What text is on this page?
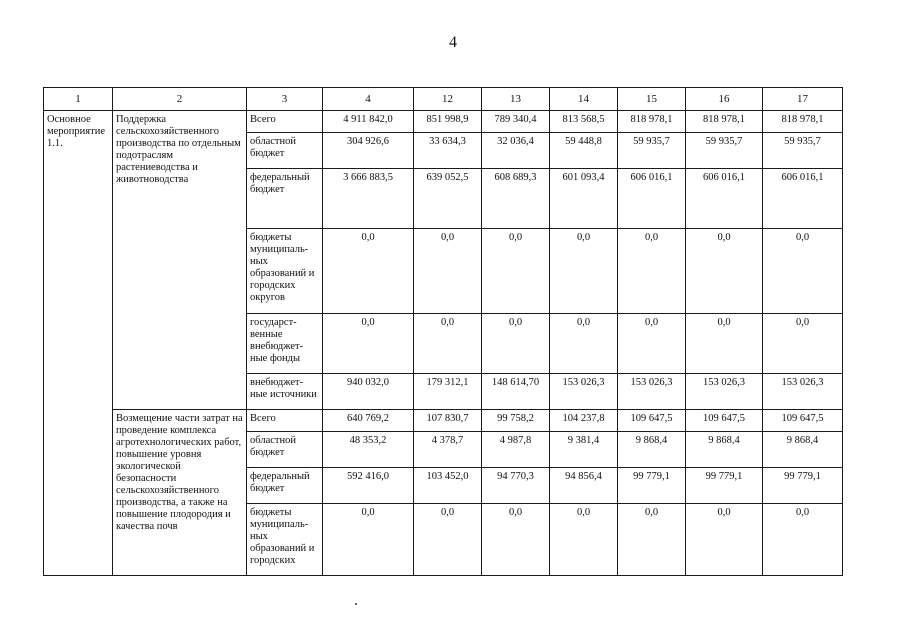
4
1	2	3	4	12	13	14	15	16	17
Основное мероприятие 1.1.	Поддержка сельскохозяйственного производства по отдельным подотраслям растениеводства и животноводства	Всего	4 911 842,0	851 998,9	789 340,4	813 568,5	818 978,1	818 978,1	818 978,1
		областной бюджет	304 926,6	33 634,3	32 036,4	59 448,8	59 935,7	59 935,7	59 935,7
		федеральный бюджет	3 666 883,5	639 052,5	608 689,3	601 093,4	606 016,1	606 016,1	606 016,1
		бюджеты муниципаль-ных образований и городских округов	0,0	0,0	0,0	0,0	0,0	0,0	0,0
		государст-венные внебюджет-ные фонды	0,0	0,0	0,0	0,0	0,0	0,0	0,0
		внебюджет-ные источники	940 032,0	179 312,1	148 614,70	153 026,3	153 026,3	153 026,3	153 026,3
	Возмещение части затрат на проведение комплекса агротехнологических работ, повышение уровня экологической безопасности сельскохозяйственного производства, а также на повышение плодородия и качества почв	Всего	640 769,2	107 830,7	99 758,2	104 237,8	109 647,5	109 647,5	109 647,5
		областной бюджет	48 353,2	4 378,7	4 987,8	9 381,4	9 868,4	9 868,4	9 868,4
		федеральный бюджет	592 416,0	103 452,0	94 770,3	94 856,4	99 779,1	99 779,1	99 779,1
		бюджеты муниципаль-ных образований и городских	0,0	0,0	0,0	0,0	0,0	0,0	0,0
